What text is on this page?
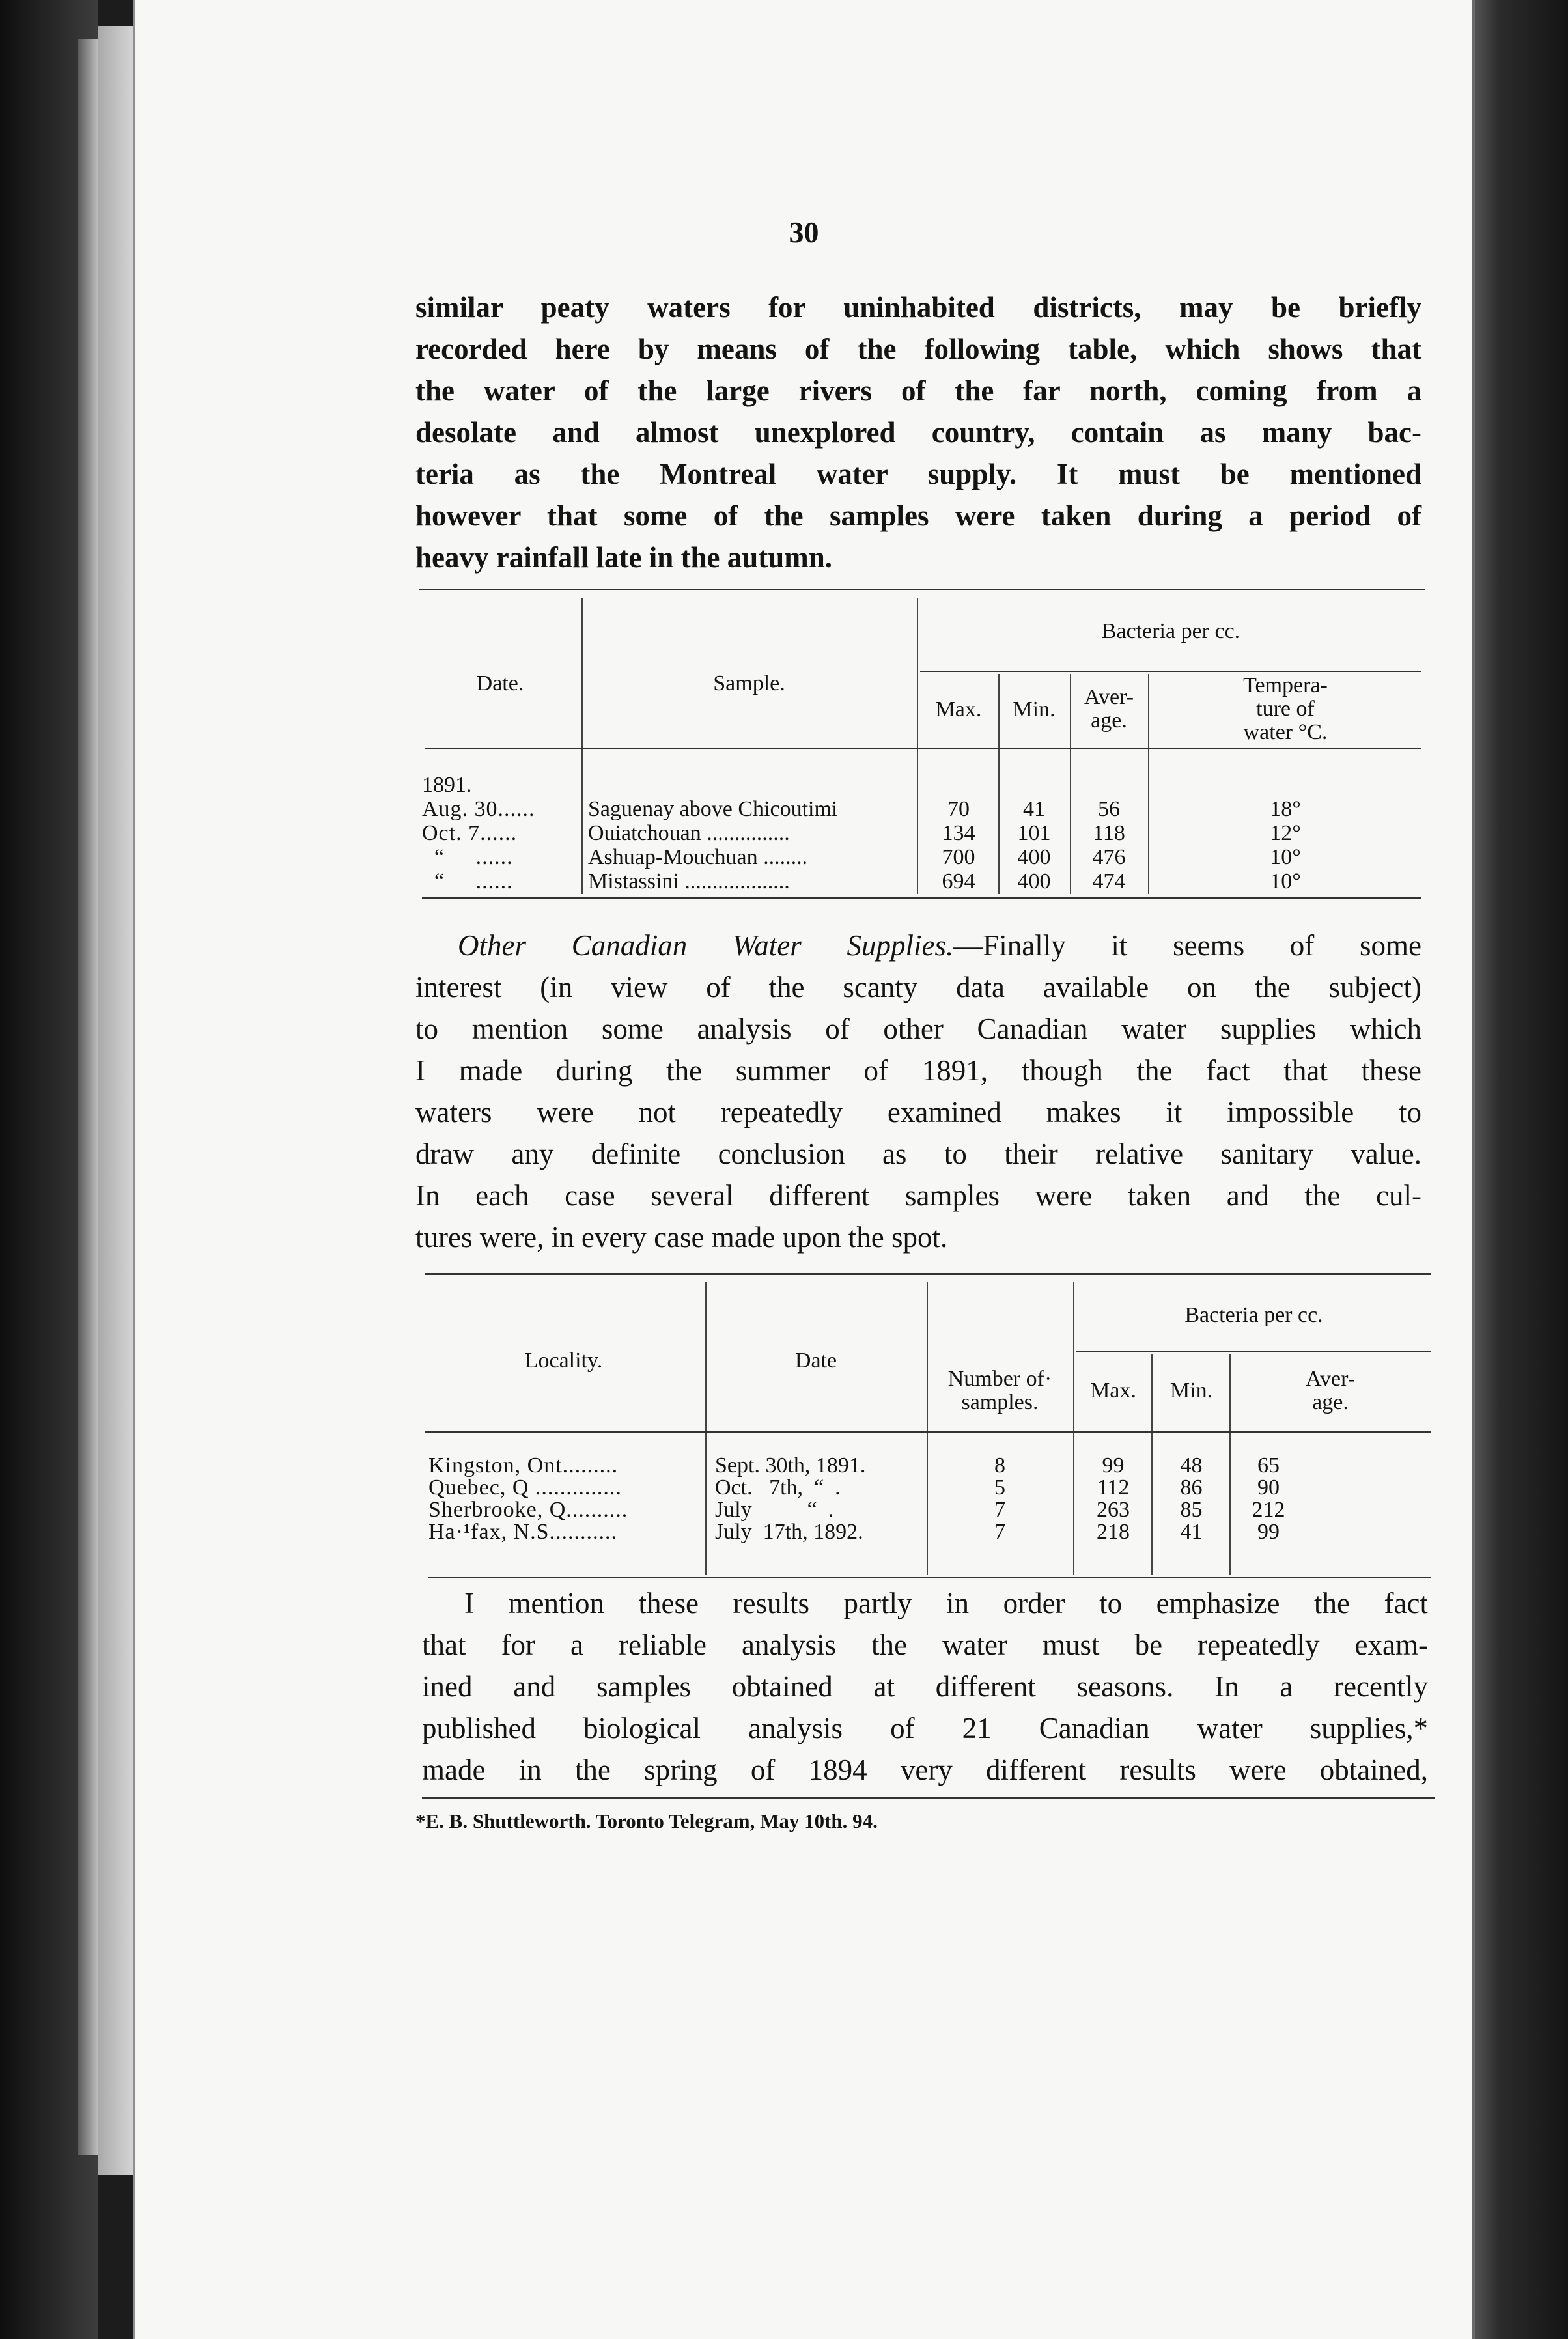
30
similar peaty waters for uninhabited districts, may be briefly
recorded here by means of the following table, which shows that
the water of the large rivers of the far north, coming from a
desolate and almost unexplored country, contain as many bac-
teria as the Montreal water supply. It must be mentioned
however that some of the samples were taken during a period of
heavy rainfall late in the autumn.
Date.	Sample.
Bacteria per cc.
Max.	Min.
Aver-
age.
Tempera-
ture of
water °C.
1891.
Aug. 30...... Saguenay above Chicoutimi	70	41	56	18°
Oct. 7......	Ouiatchouan ...............	134	101	118	12°
“     ......	Ashuap-Mouchuan ........	700	400	476	10°
“     ......	Mistassini ...................	694	400	474	10°
Other Canadian Water Supplies.—Finally it seems of some
interest (in view of the scanty data available on the subject)
to mention some analysis of other Canadian water supplies which
I made during the summer of 1891, though the fact that these
waters were not repeatedly examined makes it impossible to
draw any definite conclusion as to their relative sanitary value.
In each case several different samples were taken and the cul-
tures were, in every case made upon the spot.
Locality.	Date
Number of·
samples.
Bacteria per cc.
Max.	Min.	Aver-
age.
Kingston, Ont.........	Sept. 30th, 1891.	8	99	48	65
Quebec, Q ..............	Oct.   7th,  “  .	5	112	86	90
Sherbrooke, Q..........	July          “  .	7	263	85	212
Ha·¹fax, N.S...........	July  17th, 1892.	7	218	41	99
I mention these results partly in order to emphasize the fact
that for a reliable analysis the water must be repeatedly exam-
ined and samples obtained at different seasons. In a recently
published biological analysis of 21 Canadian water supplies,*
made in the spring of 1894 very different results were obtained,
*E. B. Shuttleworth. Toronto Telegram, May 10th. 94.
